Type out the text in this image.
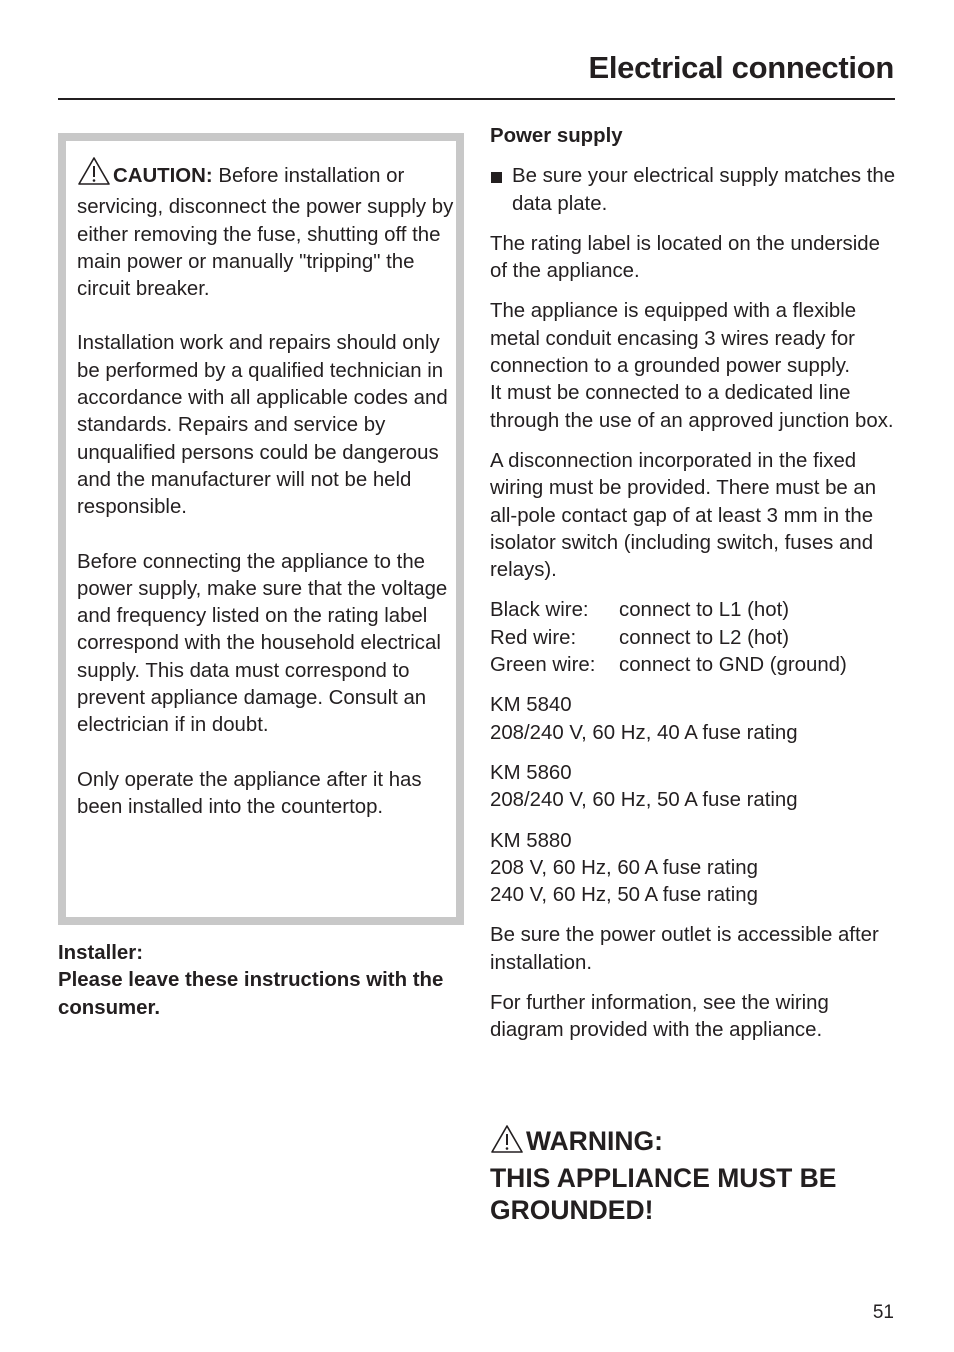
Electrical connection

CAUTION: Before installation or servicing, disconnect the power supply by either removing the fuse, shutting off the main power or manually "tripping" the circuit breaker.

Installation work and repairs should only be performed by a qualified technician in accordance with all applicable codes and standards. Repairs and service by unqualified persons could be dangerous and the manufacturer will not be held responsible.

Before connecting the appliance to the power supply, make sure that the voltage and frequency listed on the rating label correspond with the household electrical supply. This data must correspond to prevent appliance damage. Consult an electrician if in doubt.

Only operate the appliance after it has been installed into the countertop.

Installer:
Please leave these instructions with the consumer.
Power supply
Be sure your electrical supply matches the data plate.

The rating label is located on the underside of the appliance.

The appliance is equipped with a flexible metal conduit encasing 3 wires ready for connection to a grounded power supply.
It must be connected to a dedicated line through the use of an approved junction box.

A disconnection incorporated in the fixed wiring must be provided. There must be an all-pole contact gap of at least 3 mm in the isolator switch (including switch, fuses and relays).

Black wire:	connect to L1 (hot)
Red wire:	connect to L2 (hot)
Green wire:	connect to GND (ground)
KM 5840
208/240 V, 60 Hz, 40 A fuse rating
KM 5860
208/240 V, 60 Hz, 50 A fuse rating
KM 5880
208 V, 60 Hz, 60 A fuse rating
240 V, 60 Hz, 50 A fuse rating

Be sure the power outlet is accessible after installation.

For further information, see the wiring diagram provided with the appliance.

WARNING:
THIS APPLIANCE MUST BE GROUNDED!
51
